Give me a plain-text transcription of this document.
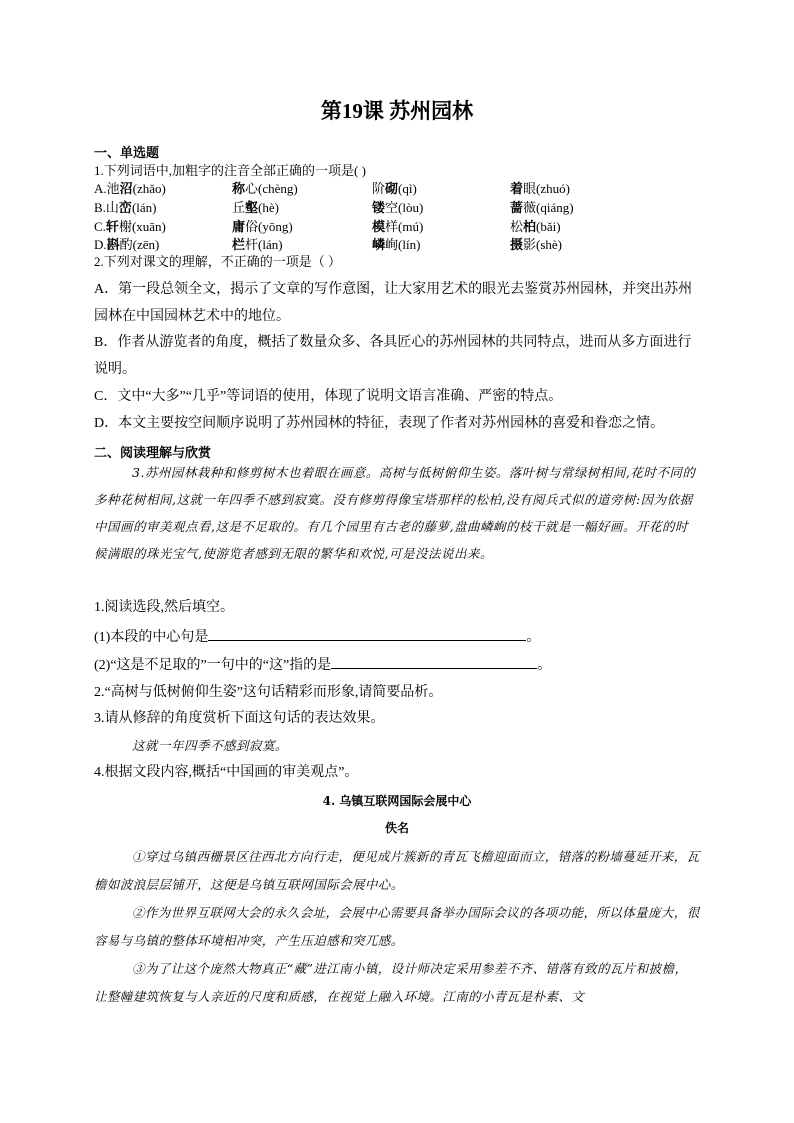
第19课 苏州园林
一、单选题
1.下列词语中,加粗字的注音全部正确的一项是( )
A.池沼(zhǎo)	称心(chèng)	阶砌(qì)	着眼(zhuó)
B.山峦(lán)	丘壑(hè)	镂空(lòu)	蔷薇(qiáng)
C.轩榭(xuān)	庸俗(yōng)	模样(mú)	松柏(bǎi)
D.斟酌(zēn)	栏杆(lán)	嶙峋(lín)	摄影(shè)
2.下列对课文的理解，不正确的一项是（ ）
A．第一段总领全文，揭示了文章的写作意图，让大家用艺术的眼光去鉴赏苏州园林，并突出苏州园林在中国园林艺术中的地位。
B．作者从游览者的角度，概括了数量众多、各具匠心的苏州园林的共同特点，进而从多方面进行说明。
C．文中“大多”“几乎”等词语的使用，体现了说明文语言准确、严密的特点。
D．本文主要按空间顺序说明了苏州园林的特征，表现了作者对苏州园林的喜爱和眷恋之情。
二、阅读理解与欣赏
3.苏州园林栽种和修剪树木也着眼在画意。高树与低树俯仰生姿。落叶树与常绿树相间,花时不同的多种花树相间,这就一年四季不感到寂寞。没有修剪得像宝塔那样的松柏,没有阅兵式似的道旁树:因为依据中国画的审美观点看,这是不足取的。有几个园里有古老的藤萝,盘曲嶙峋的枝干就是一幅好画。开花的时候满眼的珠光宝气,使游览者感到无限的繁华和欢悦,可是没法说出来。
1.阅读选段,然后填空。
(1)本段的中心句是	。
(2)“这是不足取的”一句中的“这”指的是	。
2.“高树与低树俯仰生姿”这句话精彩而形象,请简要品析。
3.请从修辞的角度赏析下面这句话的表达效果。
这就一年四季不感到寂寞。
4.根据文段内容,概括“中国画的审美观点”。
4. 乌镇互联网国际会展中心
佚名
①穿过乌镇西栅景区往西北方向行走，便见成片簇新的青瓦飞檐迎面而立，错落的粉墙蔓延开来，瓦檐如波浪层层铺开，这便是乌镇互联网国际会展中心。
②作为世界互联网大会的永久会址，会展中心需要具备举办国际会议的各项功能，所以体量庞大，很容易与乌镇的整体环境相冲突，产生压迫感和突兀感。
③为了让这个庞然大物真正“藏”进江南小镇，设计师决定采用参差不齐、错落有致的瓦片和披檐，让整幢建筑恢复与人亲近的尺度和质感，在视觉上融入环境。江南的小青瓦是朴素、文
